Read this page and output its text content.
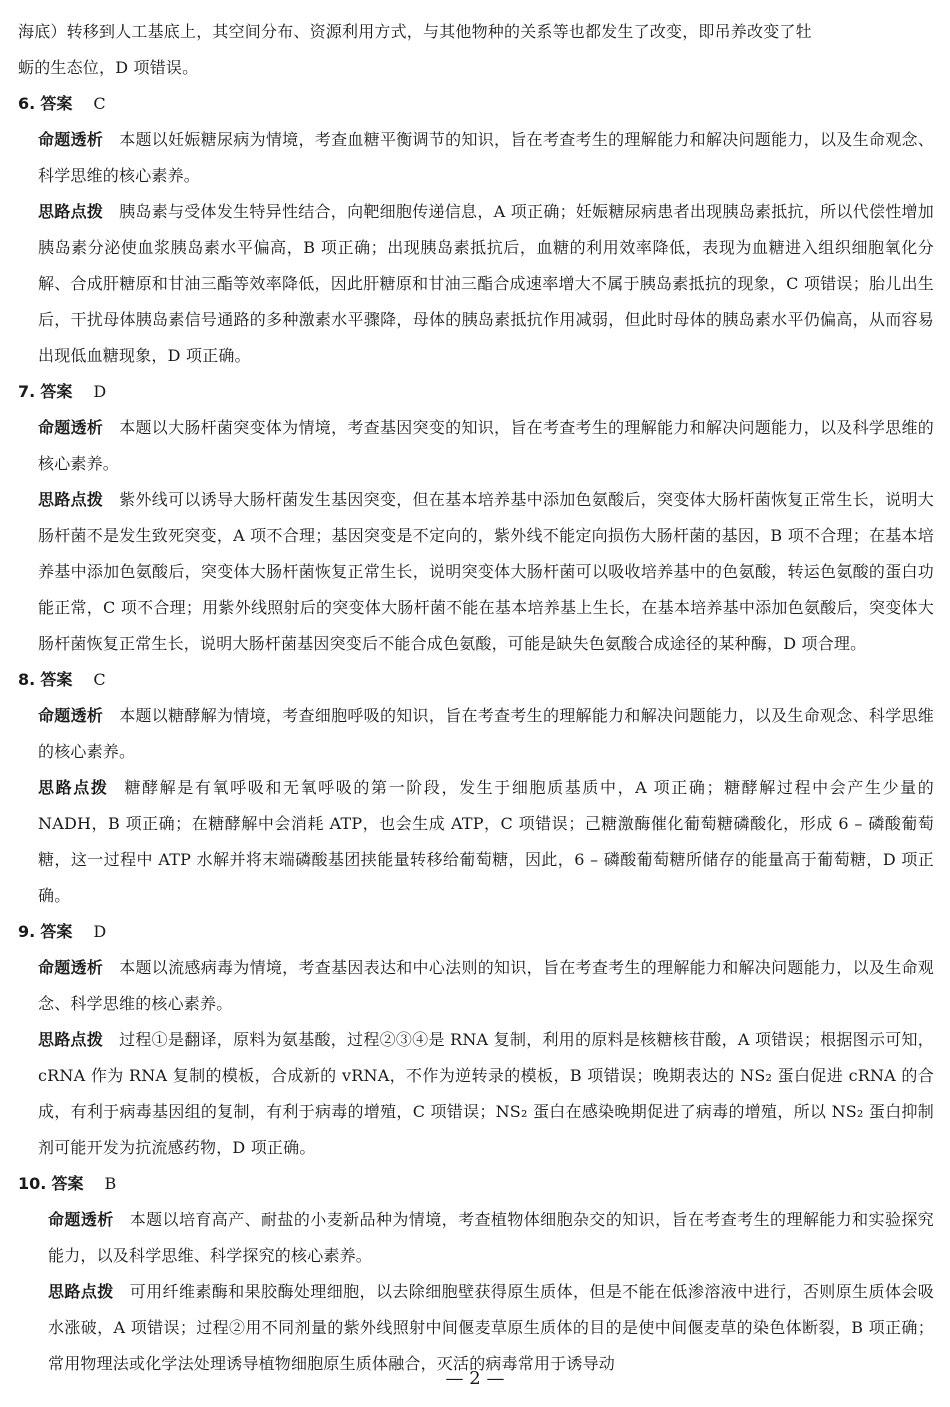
海底）转移到人工基底上，其空间分布、资源利用方式，与其他物种的关系等也都发生了改变，即吊养改变了牡

蛎的生态位，D 项错误。

6. 答案 C

命题透析 本题以妊娠糖尿病为情境，考查血糖平衡调节的知识，旨在考查考生的理解能力和解决问题能力，以及生命观念、科学思维的核心素养。

思路点拨 胰岛素与受体发生特异性结合，向靶细胞传递信息，A 项正确；妊娠糖尿病患者出现胰岛素抵抗，所以代偿性增加胰岛素分泌使血浆胰岛素水平偏高，B 项正确；出现胰岛素抵抗后，血糖的利用效率降低，表现为血糖进入组织细胞氧化分解、合成肝糖原和甘油三酯等效率降低，因此肝糖原和甘油三酯合成速率增大不属于胰岛素抵抗的现象，C 项错误；胎儿出生后，干扰母体胰岛素信号通路的多种激素水平骤降，母体的胰岛素抵抗作用减弱，但此时母体的胰岛素水平仍偏高，从而容易出现低血糖现象，D 项正确。

7. 答案 D

命题透析 本题以大肠杆菌突变体为情境，考查基因突变的知识，旨在考查考生的理解能力和解决问题能力，以及科学思维的核心素养。

思路点拨 紫外线可以诱导大肠杆菌发生基因突变，但在基本培养基中添加色氨酸后，突变体大肠杆菌恢复正常生长，说明大肠杆菌不是发生致死突变，A 项不合理；基因突变是不定向的，紫外线不能定向损伤大肠杆菌的基因，B 项不合理；在基本培养基中添加色氨酸后，突变体大肠杆菌恢复正常生长，说明突变体大肠杆菌可以吸收培养基中的色氨酸，转运色氨酸的蛋白功能正常，C 项不合理；用紫外线照射后的突变体大肠杆菌不能在基本培养基上生长，在基本培养基中添加色氨酸后，突变体大肠杆菌恢复正常生长，说明大肠杆菌基因突变后不能合成色氨酸，可能是缺失色氨酸合成途径的某种酶，D 项合理。

8. 答案 C

命题透析 本题以糖酵解为情境，考查细胞呼吸的知识，旨在考查考生的理解能力和解决问题能力，以及生命观念、科学思维的核心素养。

思路点拨 糖酵解是有氧呼吸和无氧呼吸的第一阶段，发生于细胞质基质中，A 项正确；糖酵解过程中会产生少量的 NADH，B 项正确；在糖酵解中会消耗 ATP，也会生成 ATP，C 项错误；己糖激酶催化葡萄糖磷酸化，形成 6 – 磷酸葡萄糖，这一过程中 ATP 水解并将末端磷酸基团挟能量转移给葡萄糖，因此，6 – 磷酸葡萄糖所储存的能量高于葡萄糖，D 项正确。

9. 答案 D

命题透析 本题以流感病毒为情境，考查基因表达和中心法则的知识，旨在考查考生的理解能力和解决问题能力，以及生命观念、科学思维的核心素养。

思路点拨 过程①是翻译，原料为氨基酸，过程②③④是 RNA 复制，利用的原料是核糖核苷酸，A 项错误；根据图示可知，cRNA 作为 RNA 复制的模板，合成新的 vRNA，不作为逆转录的模板，B 项错误；晚期表达的 NS₂ 蛋白促进 cRNA 的合成，有利于病毒基因组的复制，有利于病毒的增殖，C 项错误；NS₂ 蛋白在感染晚期促进了病毒的增殖，所以 NS₂ 蛋白抑制剂可能开发为抗流感药物，D 项正确。

10. 答案 B

命题透析 本题以培育高产、耐盐的小麦新品种为情境，考查植物体细胞杂交的知识，旨在考查考生的理解能力和实验探究能力，以及科学思维、科学探究的核心素养。

思路点拨 可用纤维素酶和果胶酶处理细胞，以去除细胞壁获得原生质体，但是不能在低渗溶液中进行，否则原生质体会吸水涨破，A 项错误；过程②用不同剂量的紫外线照射中间偃麦草原生质体的目的是使中间偃麦草的染色体断裂，B 项正确；常用物理法或化学法处理诱导植物细胞原生质体融合，灭活的病毒常用于诱导动

— 2 —
